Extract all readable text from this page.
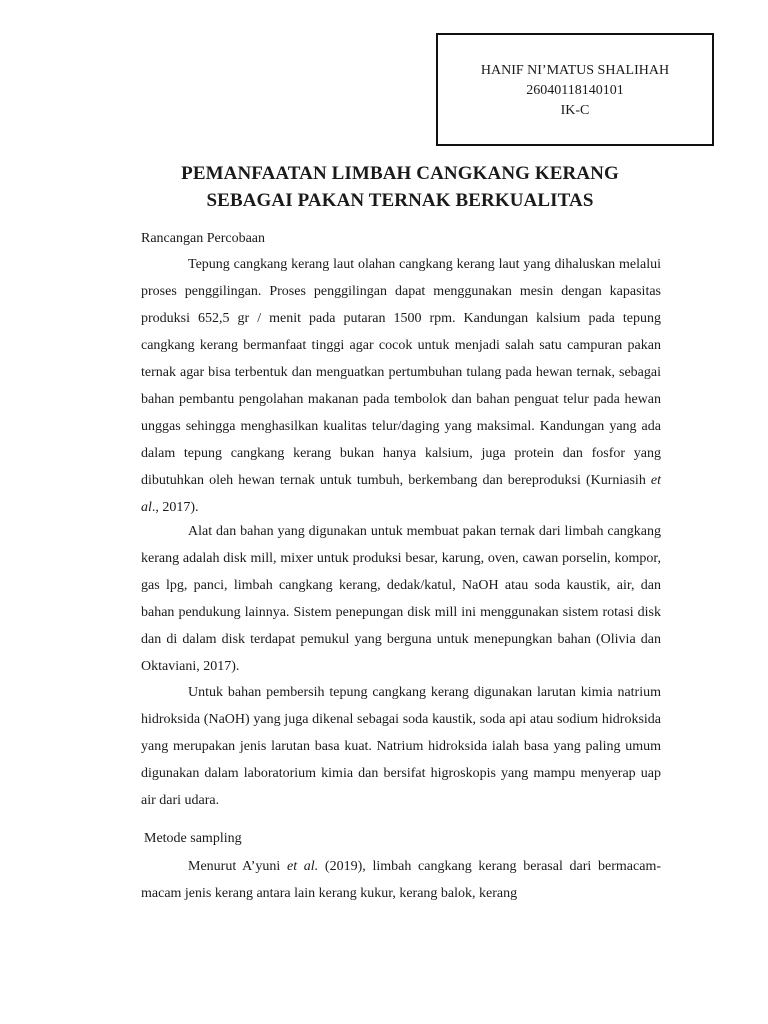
HANIF NI’MATUS SHALIHAH
26040118140101
IK-C
PEMANFAATAN LIMBAH CANGKANG KERANG
SEBAGAI PAKAN TERNAK BERKUALITAS
Rancangan Percobaan

Tepung cangkang kerang laut olahan cangkang kerang laut yang dihaluskan melalui proses penggilingan. Proses penggilingan dapat menggunakan mesin dengan kapasitas produksi 652,5 gr / menit pada putaran 1500 rpm. Kandungan kalsium pada tepung cangkang kerang bermanfaat tinggi agar cocok untuk menjadi salah satu campuran pakan ternak agar bisa terbentuk dan menguatkan pertumbuhan tulang pada hewan ternak, sebagai bahan pembantu pengolahan makanan pada tembolok dan bahan penguat telur pada hewan unggas sehingga menghasilkan kualitas telur/daging yang maksimal. Kandungan yang ada dalam tepung cangkang kerang bukan hanya kalsium, juga protein dan fosfor yang dibutuhkan oleh hewan ternak untuk tumbuh, berkembang dan bereproduksi (Kurniasih et al., 2017).

Alat dan bahan yang digunakan untuk membuat pakan ternak dari limbah cangkang kerang adalah disk mill, mixer untuk produksi besar, karung, oven, cawan porselin, kompor, gas lpg, panci, limbah cangkang kerang, dedak/katul, NaOH atau soda kaustik, air, dan bahan pendukung lainnya. Sistem penepungan disk mill ini menggunakan sistem rotasi disk dan di dalam disk terdapat pemukul yang berguna untuk menepungkan bahan (Olivia dan Oktaviani, 2017).

Untuk bahan pembersih tepung cangkang kerang digunakan larutan kimia natrium hidroksida (NaOH) yang juga dikenal sebagai soda kaustik, soda api atau sodium hidroksida yang merupakan jenis larutan basa kuat. Natrium hidroksida ialah basa yang paling umum digunakan dalam laboratorium kimia dan bersifat higroskopis yang mampu menyerap uap air dari udara.

Metode sampling

Menurut A’yuni et al. (2019), limbah cangkang kerang berasal dari bermacam-macam jenis kerang antara lain kerang kukur, kerang balok, kerang
